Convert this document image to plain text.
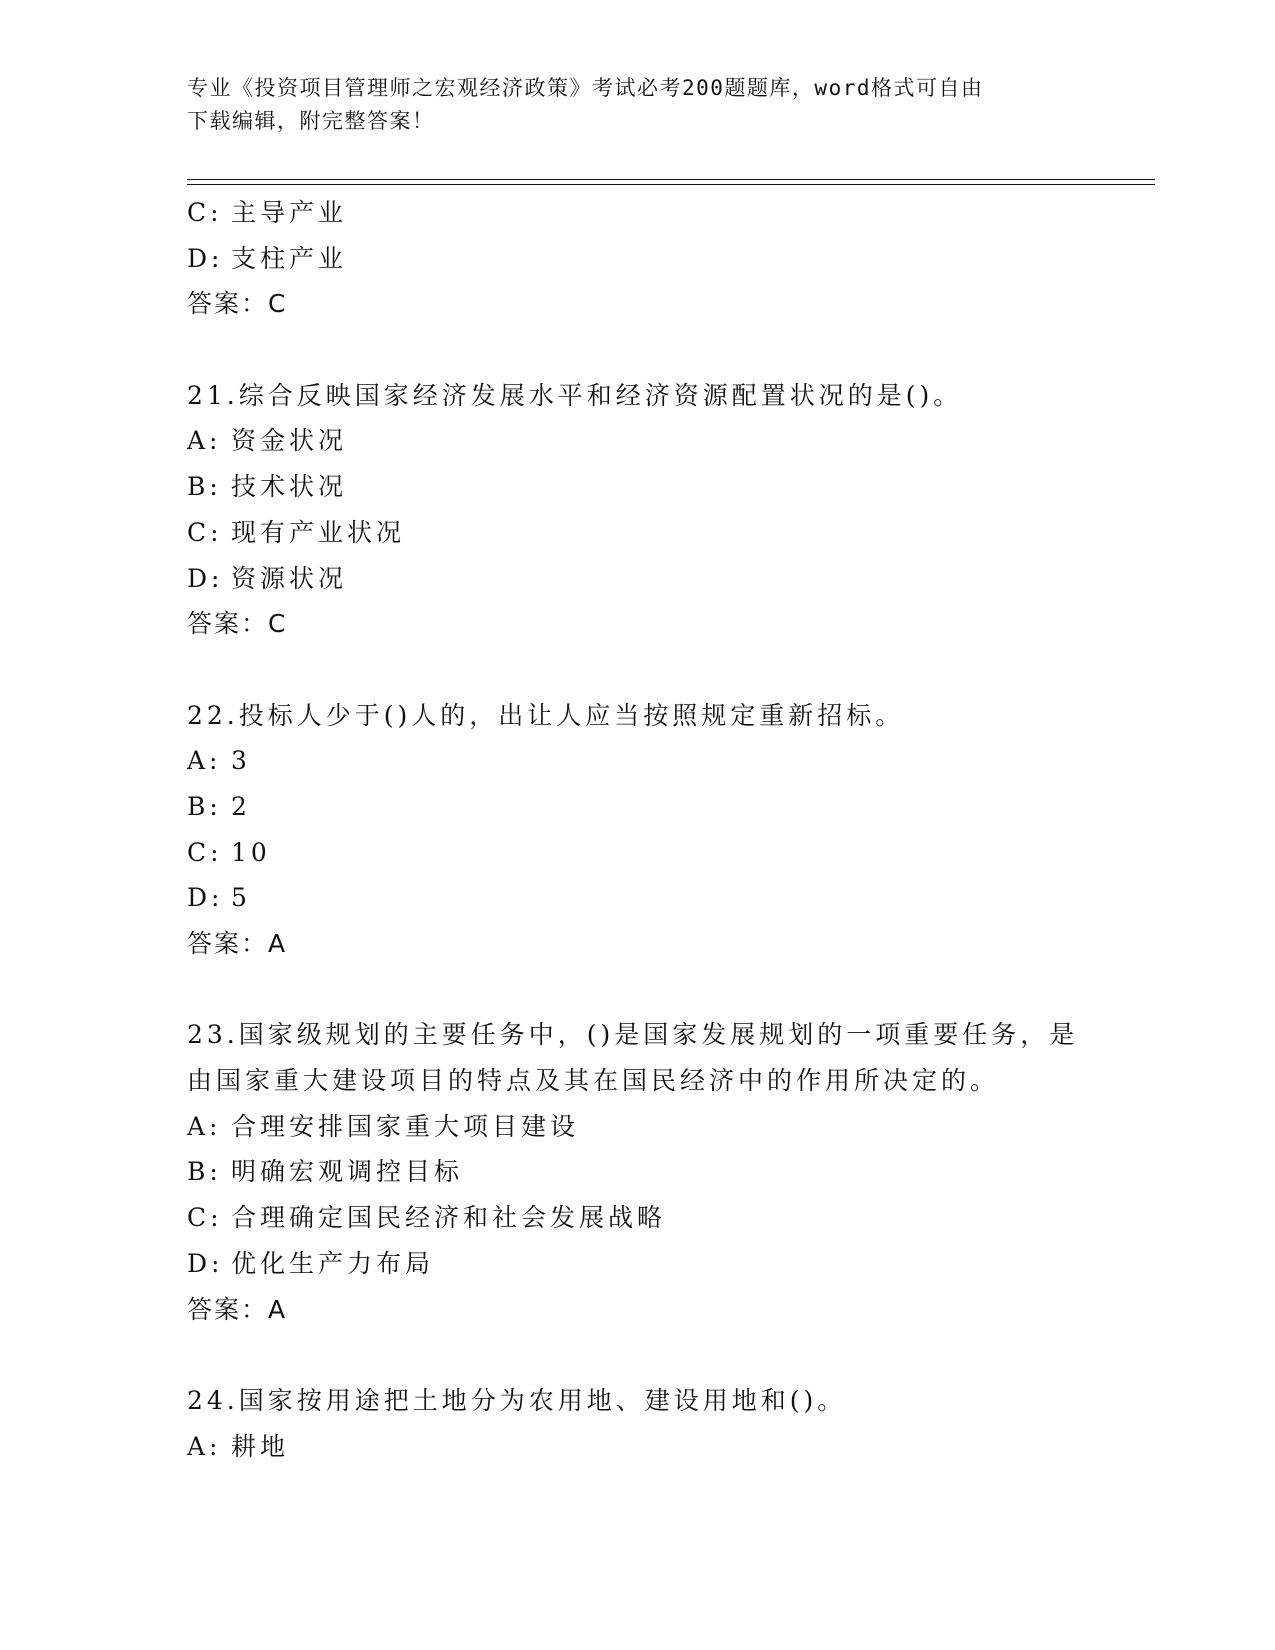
专业《投资项目管理师之宏观经济政策》考试必考200题题库，word格式可自由
下载编辑，附完整答案！
C: 主导产业
D: 支柱产业
答案：C
21.综合反映国家经济发展水平和经济资源配置状况的是()。
A: 资金状况
B: 技术状况
C: 现有产业状况
D: 资源状况
答案：C
22.投标人少于()人的，出让人应当按照规定重新招标。
A: 3
B: 2
C: 10
D: 5
答案：A
23.国家级规划的主要任务中，()是国家发展规划的一项重要任务，是
由国家重大建设项目的特点及其在国民经济中的作用所决定的。
A: 合理安排国家重大项目建设
B: 明确宏观调控目标
C: 合理确定国民经济和社会发展战略
D: 优化生产力布局
答案：A
24.国家按用途把土地分为农用地、建设用地和()。
A: 耕地
